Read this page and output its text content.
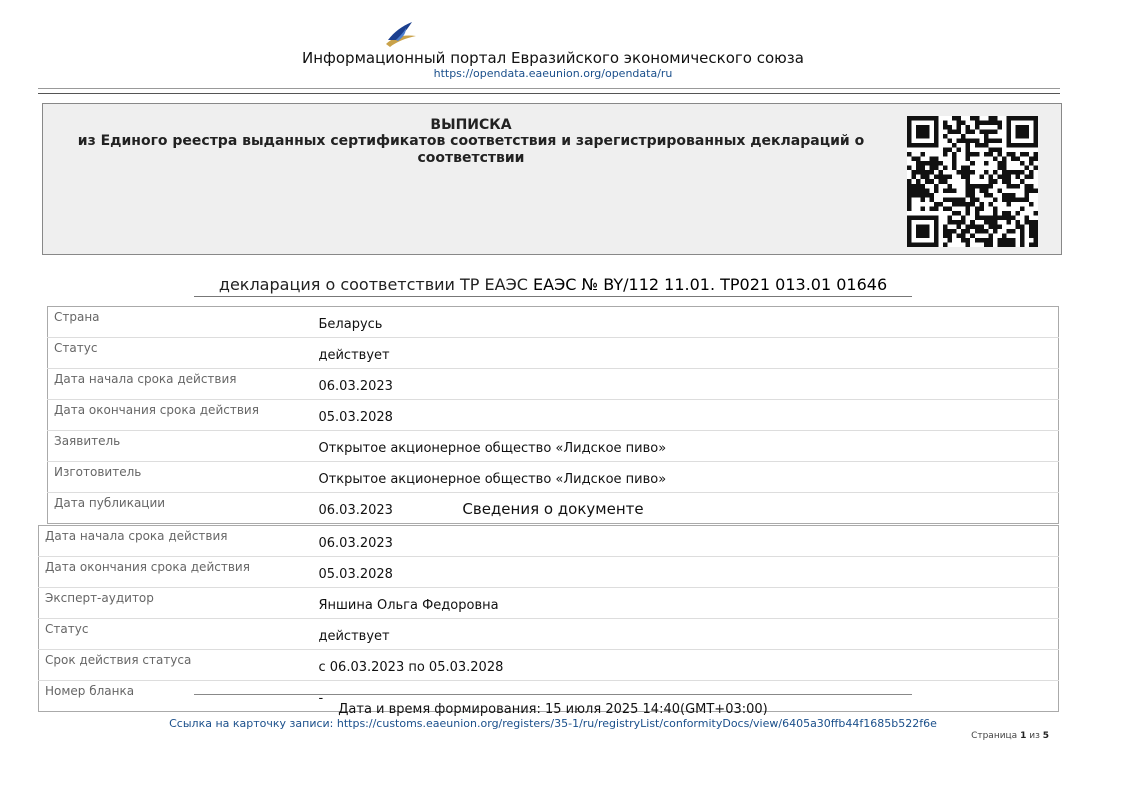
Информационный портал Евразийского экономического союза
https://opendata.eaeunion.org/opendata/ru
ВЫПИСКА
из Единого реестра выданных сертификатов соответствия и зарегистрированных деклараций о соответствии
декларация о соответствии ТР ЕАЭС ЕАЭС № BY/112 11.01. ТР021 013.01 01646
Страна	Беларусь
Статус	действует
Дата начала срока действия	06.03.2023
Дата окончания срока действия	05.03.2028
Заявитель	Открытое акционерное общество «Лидское пиво»
Изготовитель	Открытое акционерное общество «Лидское пиво»
Дата публикации	06.03.2023	Сведения о документе
Дата начала срока действия	06.03.2023
Дата окончания срока действия	05.03.2028
Эксперт-аудитор	Яншина Ольга Федоровна
Статус	действует
Срок действия статуса	с 06.03.2023 по 05.03.2028
Номер бланка	-
Дата и время формирования: 15 июля 2025 14:40(GMT+03:00)
Ссылка на карточку записи: https://customs.eaeunion.org/registers/35-1/ru/registryList/conformityDocs/view/6405a30ffb44f1685b522f6e
Страница 1 из 5
